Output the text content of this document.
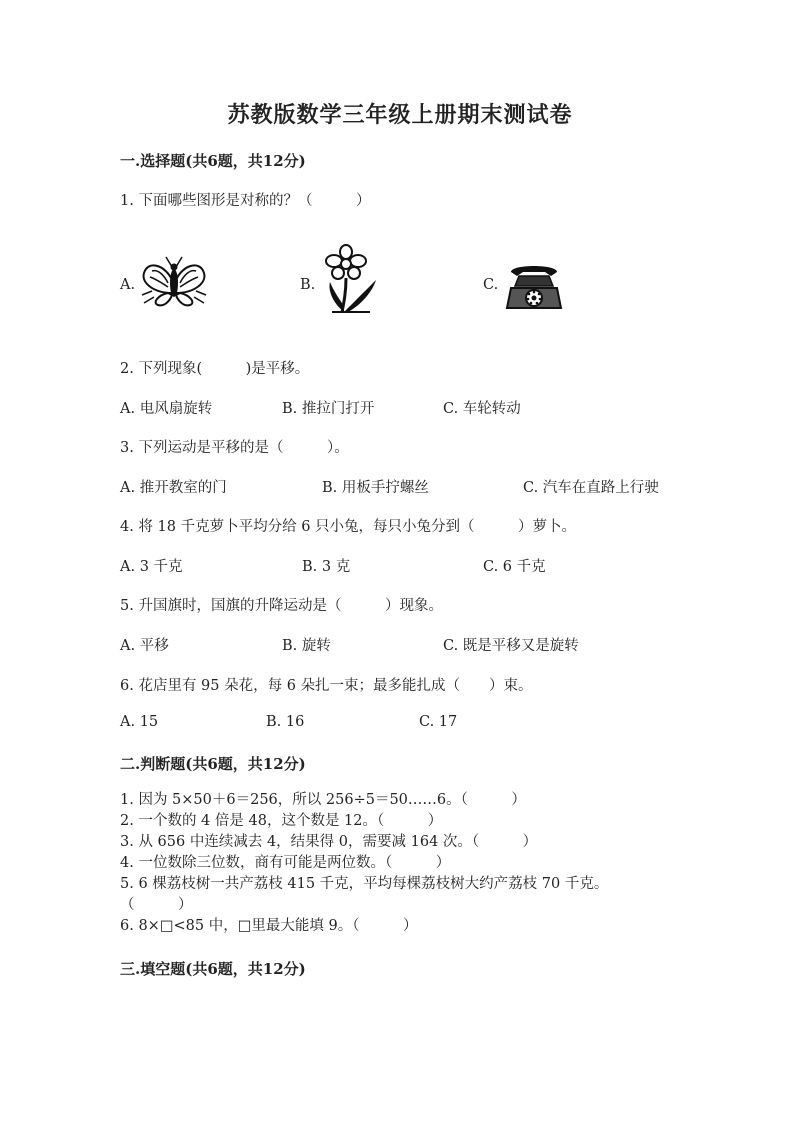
苏教版数学三年级上册期末测试卷
一.选择题(共6题，共12分)
1. 下面哪些图形是对称的？（　　　）
A.	B.	C.
2. 下列现象(　　　)是平移。
A. 电风扇旋转	B. 推拉门打开	C. 车轮转动
3. 下列运动是平移的是（　　　）。
A. 推开教室的门	B. 用板手拧螺丝	C. 汽车在直路上行驶
4. 将 18 千克萝卜平均分给 6 只小兔，每只小兔分到（　　　）萝卜。
A. 3 千克	B. 3 克	C. 6 千克
5. 升国旗时，国旗的升降运动是（　　　）现象。
A. 平移	B. 旋转	C. 既是平移又是旋转
6. 花店里有 95 朵花，每 6 朵扎一束；最多能扎成（　　）束。
A. 15	B. 16	C. 17
二.判断题(共6题，共12分)
1. 因为 5×50＋6＝256，所以 256÷5＝50……6。（　　　）
2. 一个数的 4 倍是 48，这个数是 12。（　　　）
3. 从 656 中连续减去 4，结果得 0，需要减 164 次。（　　　）
4. 一位数除三位数，商有可能是两位数。（　　　）
5. 6 棵荔枝树一共产荔枝 415 千克，平均每棵荔枝树大约产荔枝 70 千克。
（　　　）
6. 8×□<85 中，□里最大能填 9。（　　　）
三.填空题(共6题，共12分)
